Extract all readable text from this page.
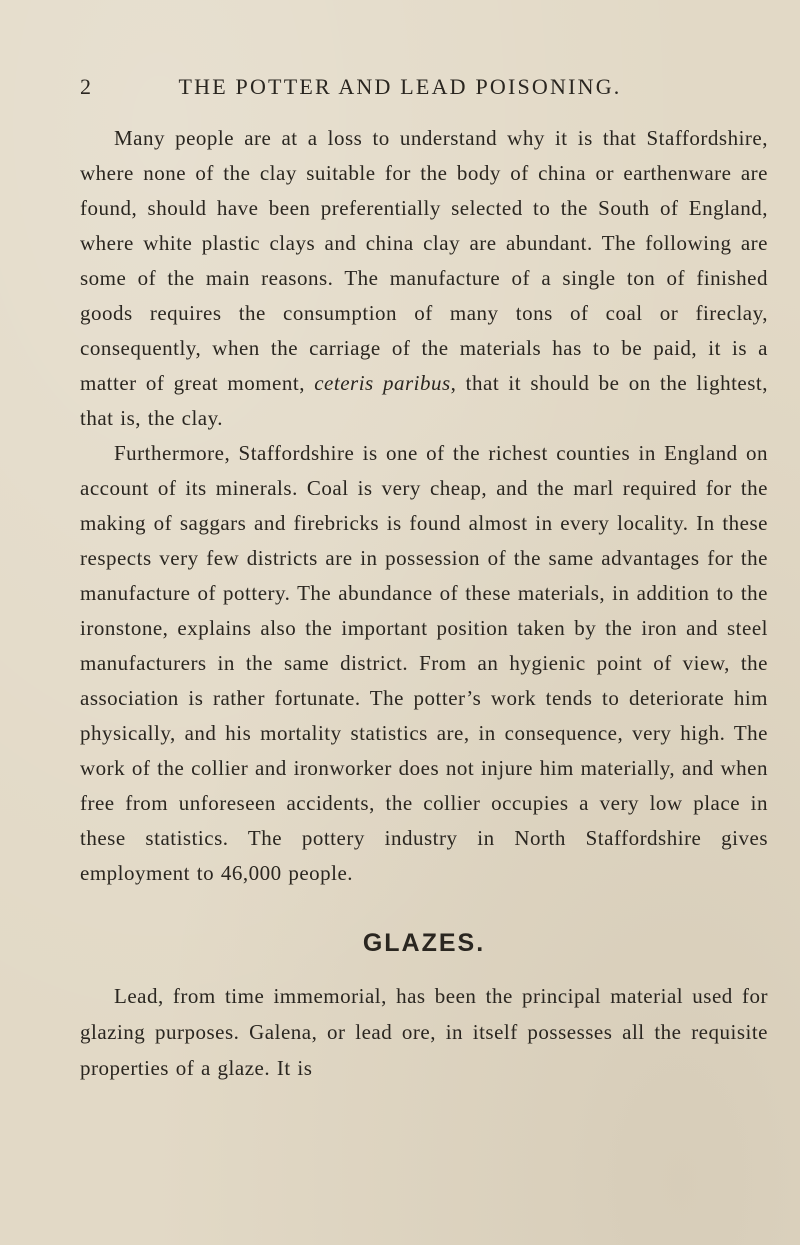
2	THE POTTER AND LEAD POISONING.

Many people are at a loss to understand why it is that Staffordshire, where none of the clay suitable for the body of china or earthenware are found, should have been preferentially selected to the South of England, where white plastic clays and china clay are abundant. The following are some of the main reasons. The manufacture of a single ton of finished goods requires the consumption of many tons of coal or fireclay, consequently, when the carriage of the materials has to be paid, it is a matter of great moment, ceteris paribus, that it should be on the lightest, that is, the clay.

Furthermore, Staffordshire is one of the richest counties in England on account of its minerals. Coal is very cheap, and the marl required for the making of saggars and firebricks is found almost in every locality. In these respects very few districts are in possession of the same advantages for the manufacture of pottery. The abundance of these materials, in addition to the ironstone, explains also the important position taken by the iron and steel manufacturers in the same district. From an hygienic point of view, the association is rather fortunate. The potter’s work tends to deteriorate him physically, and his mortality statistics are, in consequence, very high. The work of the collier and ironworker does not injure him materially, and when free from unforeseen accidents, the collier occupies a very low place in these statistics. The pottery industry in North Staffordshire gives employment to 46,000 people.

GLAZES.

Lead, from time immemorial, has been the principal material used for glazing purposes. Galena, or lead ore, in itself possesses all the requisite properties of a glaze. It is
